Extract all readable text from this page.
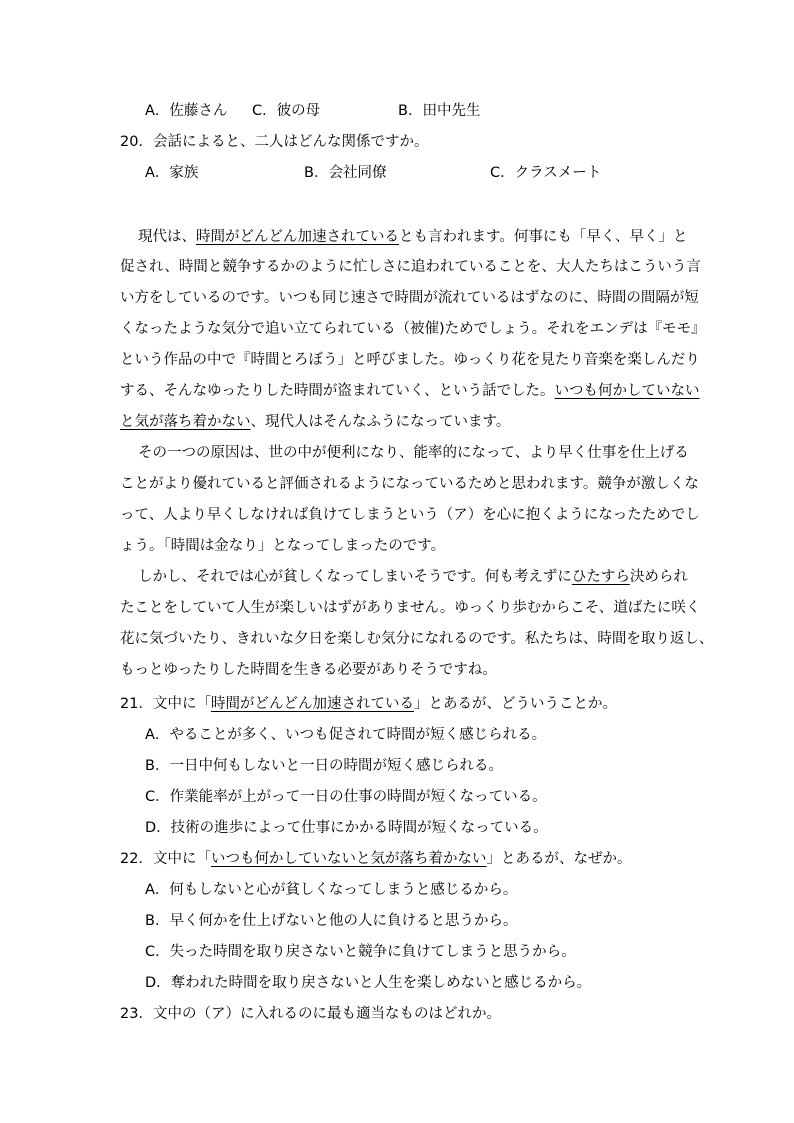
A．佐藤さん C．彼の母	B．田中先生
20．会話によると、二人はどんな関係ですか。
A．家族	B．会社同僚	C．クラスメート
現代は、時間がどんどん加速されているとも言われます。何事にも「早く、早く」と
促され、時間と競争するかのように忙しさに追われていることを、大人たちはこういう言
い方をしているのです。いつも同じ速さで時間が流れているはずなのに、時間の間隔が短
くなったような気分で追い立てられている（被催)ためでしょう。それをエンデは『モモ』
という作品の中で『時間とろぼう」と呼びました。ゆっくり花を見たり音楽を楽しんだり
する、そんなゆったりした時間が盗まれていく、という話でした。いつも何かしていない
と気が落ち着かない、現代人はそんなふうになっています。
その一つの原因は、世の中が便利になり、能率的になって、より早く仕事を仕上げる
ことがより優れていると評価されるようになっているためと思われます。競争が激しくな
って、人より早くしなければ負けてしまうという（ア）を心に抱くようになったためでし
ょう。「時間は金なり」となってしまったのです。
しかし、それでは心が貧しくなってしまいそうです。何も考えずにひたすら決められ
たことをしていて人生が楽しいはずがありません。ゆっくり歩むからこそ、道ばたに咲く
花に気づいたり、きれいな夕日を楽しむ気分になれるのです。私たちは、時間を取り返し、
もっとゆったりした時間を生きる必要がありそうですね。
21．文中に「時間がどんどん加速されている」とあるが、どういうことか。
A．やることが多く、いつも促されて時間が短く感じられる。
B．一日中何もしないと一日の時間が短く感じられる。
C．作業能率が上がって一日の仕事の時間が短くなっている。
D．技術の進歩によって仕事にかかる時間が短くなっている。
22．文中に「いつも何かしていないと気が落ち着かない」とあるが、なぜか。
A．何もしないと心が貧しくなってしまうと感じるから。
B．早く何かを仕上げないと他の人に負けると思うから。
C．失った時間を取り戻さないと競争に負けてしまうと思うから。
D．奪われた時間を取り戻さないと人生を楽しめないと感じるから。
23．文中の（ア）に入れるのに最も適当なものはどれか。
